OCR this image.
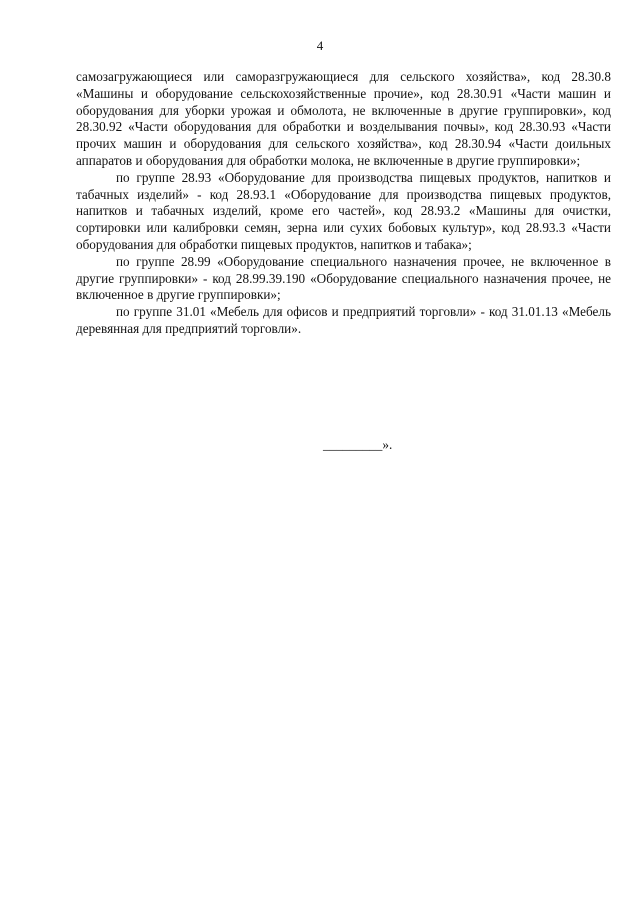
4

самозагружающиеся или саморазгружающиеся для сельского хозяйства», код 28.30.8 «Машины и оборудование сельскохозяйственные прочие», код 28.30.91 «Части машин и оборудования для уборки урожая и обмолота, не включенные в другие группировки», код 28.30.92 «Части оборудования для обработки и возделывания почвы», код 28.30.93 «Части прочих машин и оборудования для сельского хозяйства», код 28.30.94 «Части доильных аппаратов и оборудования для обработки молока, не включенные в другие группировки»;

по группе 28.93 «Оборудование для производства пищевых продуктов, напитков и табачных изделий» - код 28.93.1 «Оборудование для производства пищевых продуктов, напитков и табачных изделий, кроме его частей», код 28.93.2 «Машины для очистки, сортировки или калибровки семян, зерна или сухих бобовых культур», код 28.93.3 «Части оборудования для обработки пищевых продуктов, напитков и табака»;

по группе 28.99 «Оборудование специального назначения прочее, не включенное в другие группировки» - код 28.99.39.190 «Оборудование специального назначения прочее, не включенное в другие группировки»;

по группе 31.01 «Мебель для офисов и предприятий торговли» - код 31.01.13 «Мебель деревянная для предприятий торговли».

_________».
